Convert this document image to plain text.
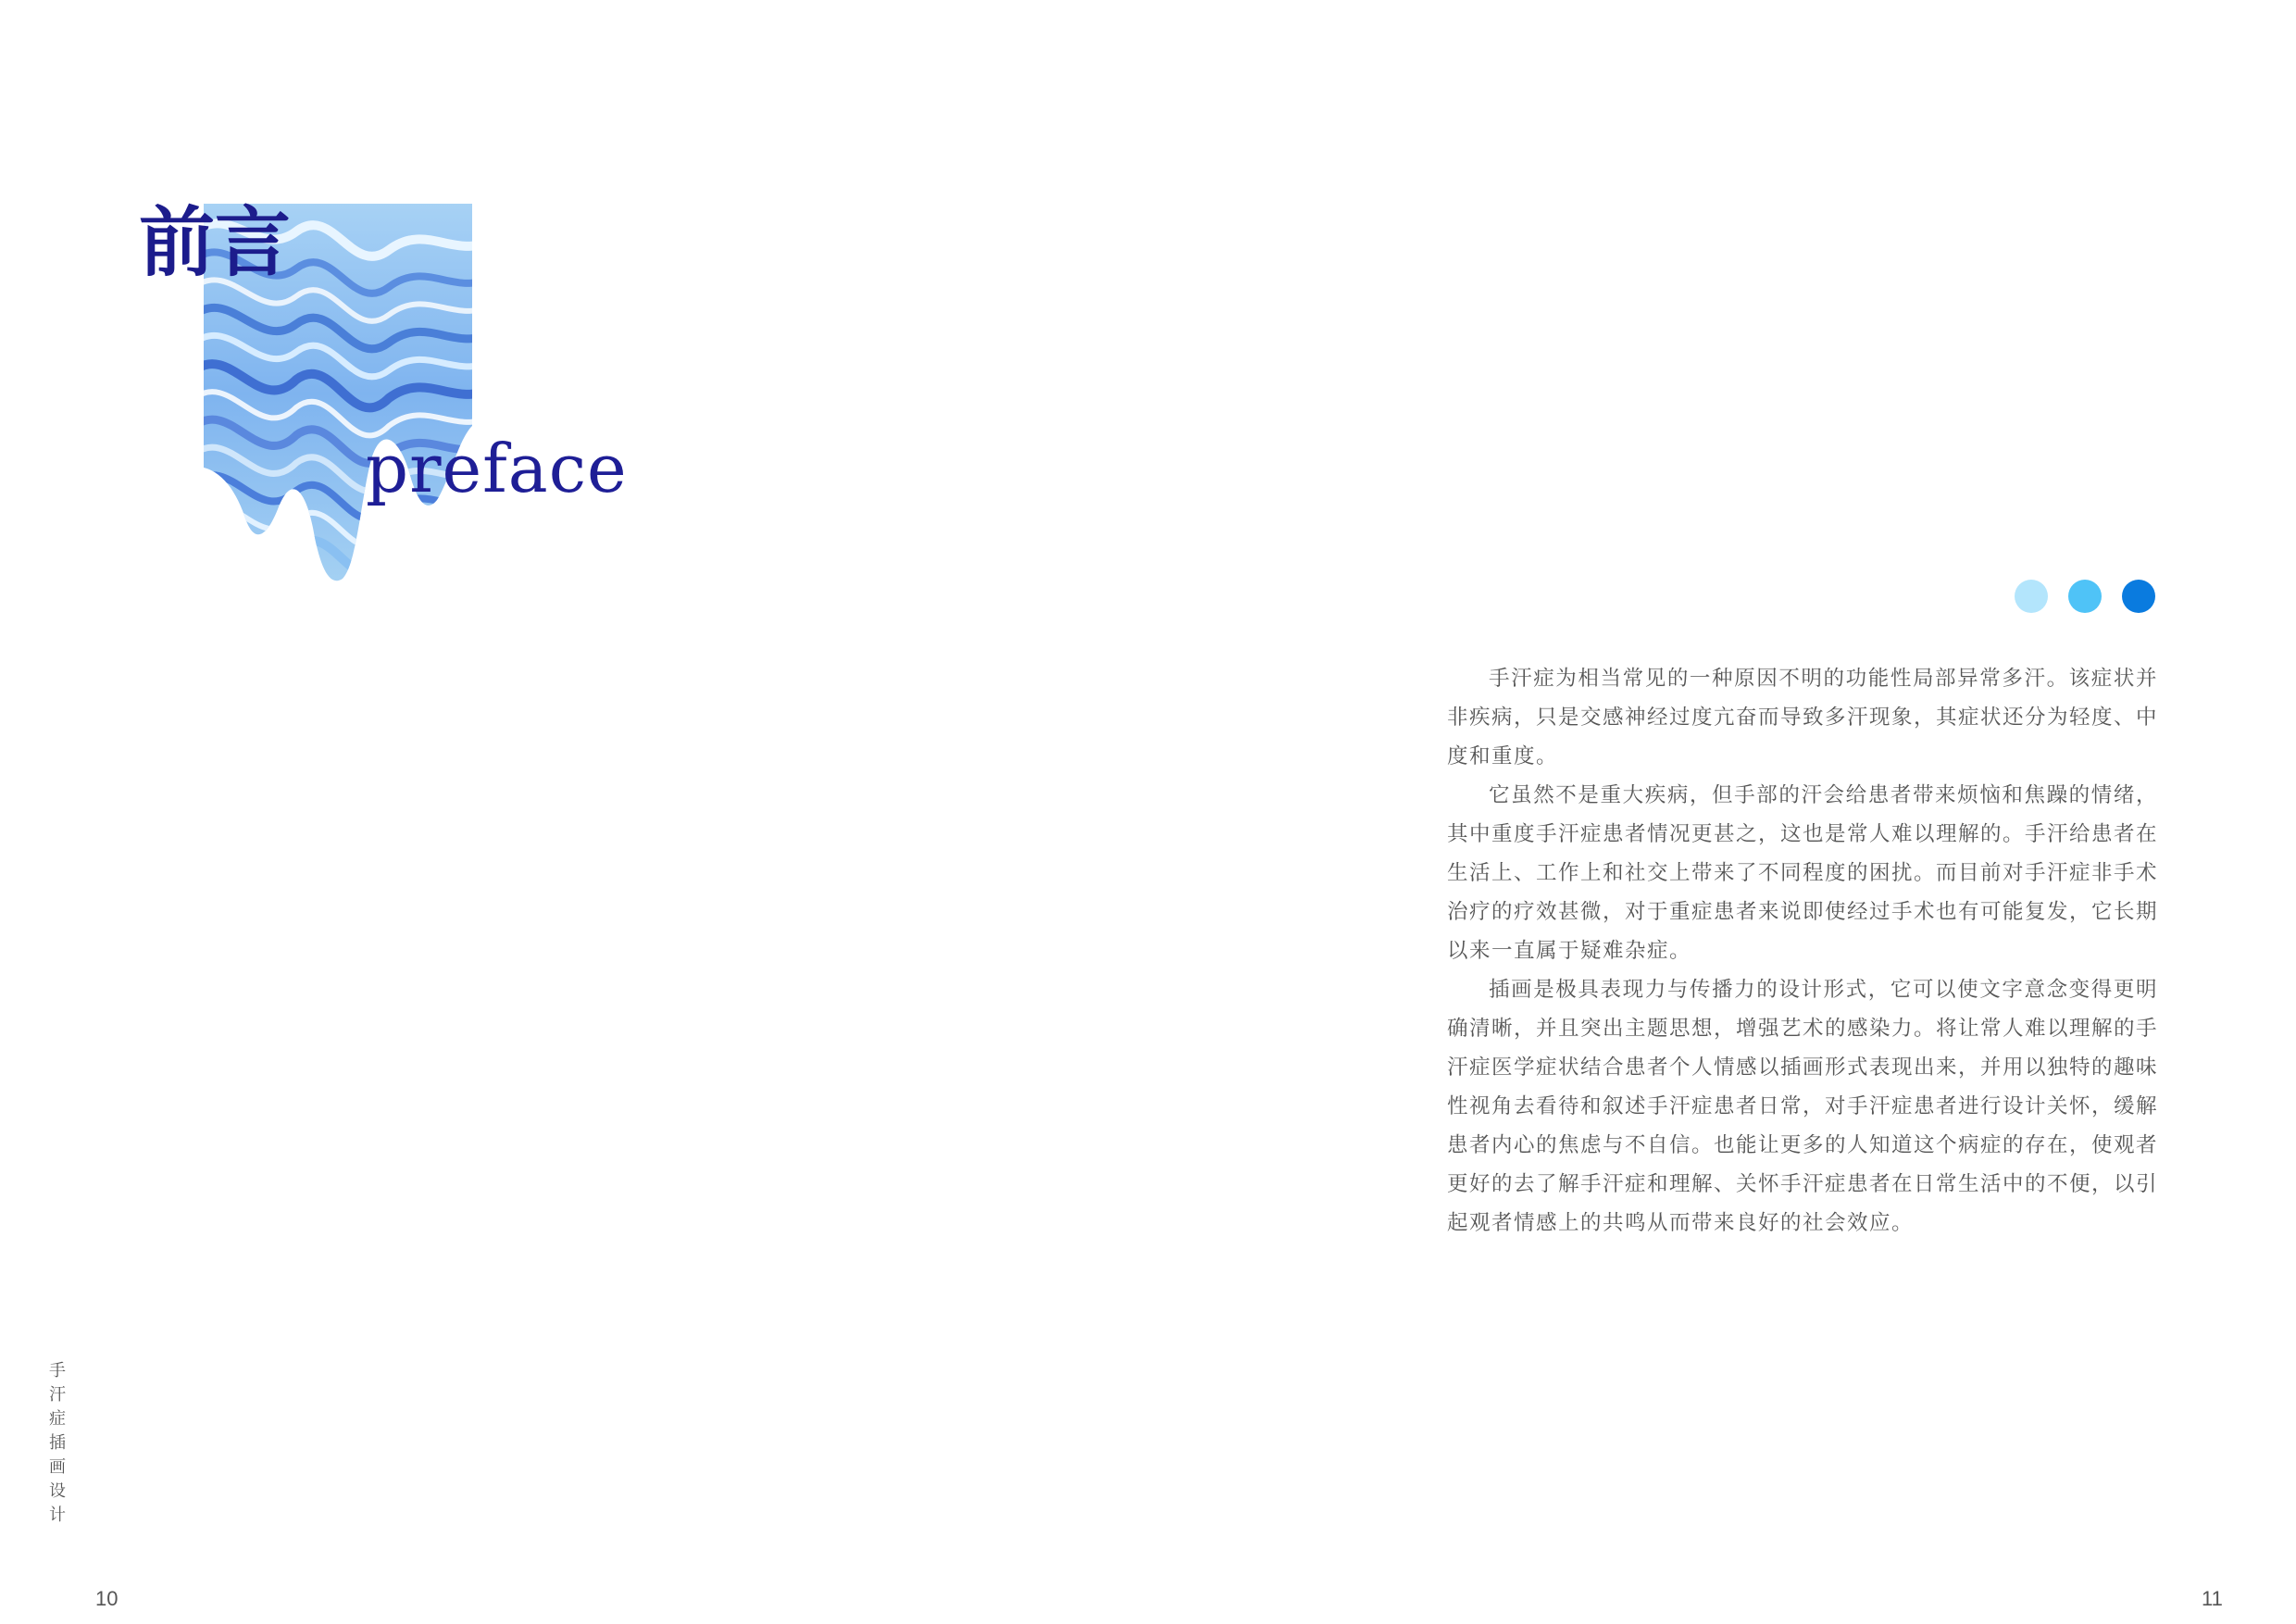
前言
preface
手汗症插画设计
10

手汗症为相当常见的一种原因不明的功能性局部异常多汗。该症状并非疾病，只是交感神经过度亢奋而导致多汗现象，其症状还分为轻度、中度和重度。

它虽然不是重大疾病，但手部的汗会给患者带来烦恼和焦躁的情绪，其中重度手汗症患者情况更甚之，这也是常人难以理解的。手汗给患者在生活上、工作上和社交上带来了不同程度的困扰。而目前对手汗症非手术治疗的疗效甚微，对于重症患者来说即使经过手术也有可能复发，它长期以来一直属于疑难杂症。

插画是极具表现力与传播力的设计形式，它可以使文字意念变得更明确清晰，并且突出主题思想，增强艺术的感染力。将让常人难以理解的手汗症医学症状结合患者个人情感以插画形式表现出来，并用以独特的趣味性视角去看待和叙述手汗症患者日常，对手汗症患者进行设计关怀，缓解患者内心的焦虑与不自信。也能让更多的人知道这个病症的存在，使观者更好的去了解手汗症和理解、关怀手汗症患者在日常生活中的不便，以引起观者情感上的共鸣从而带来良好的社会效应。

11
